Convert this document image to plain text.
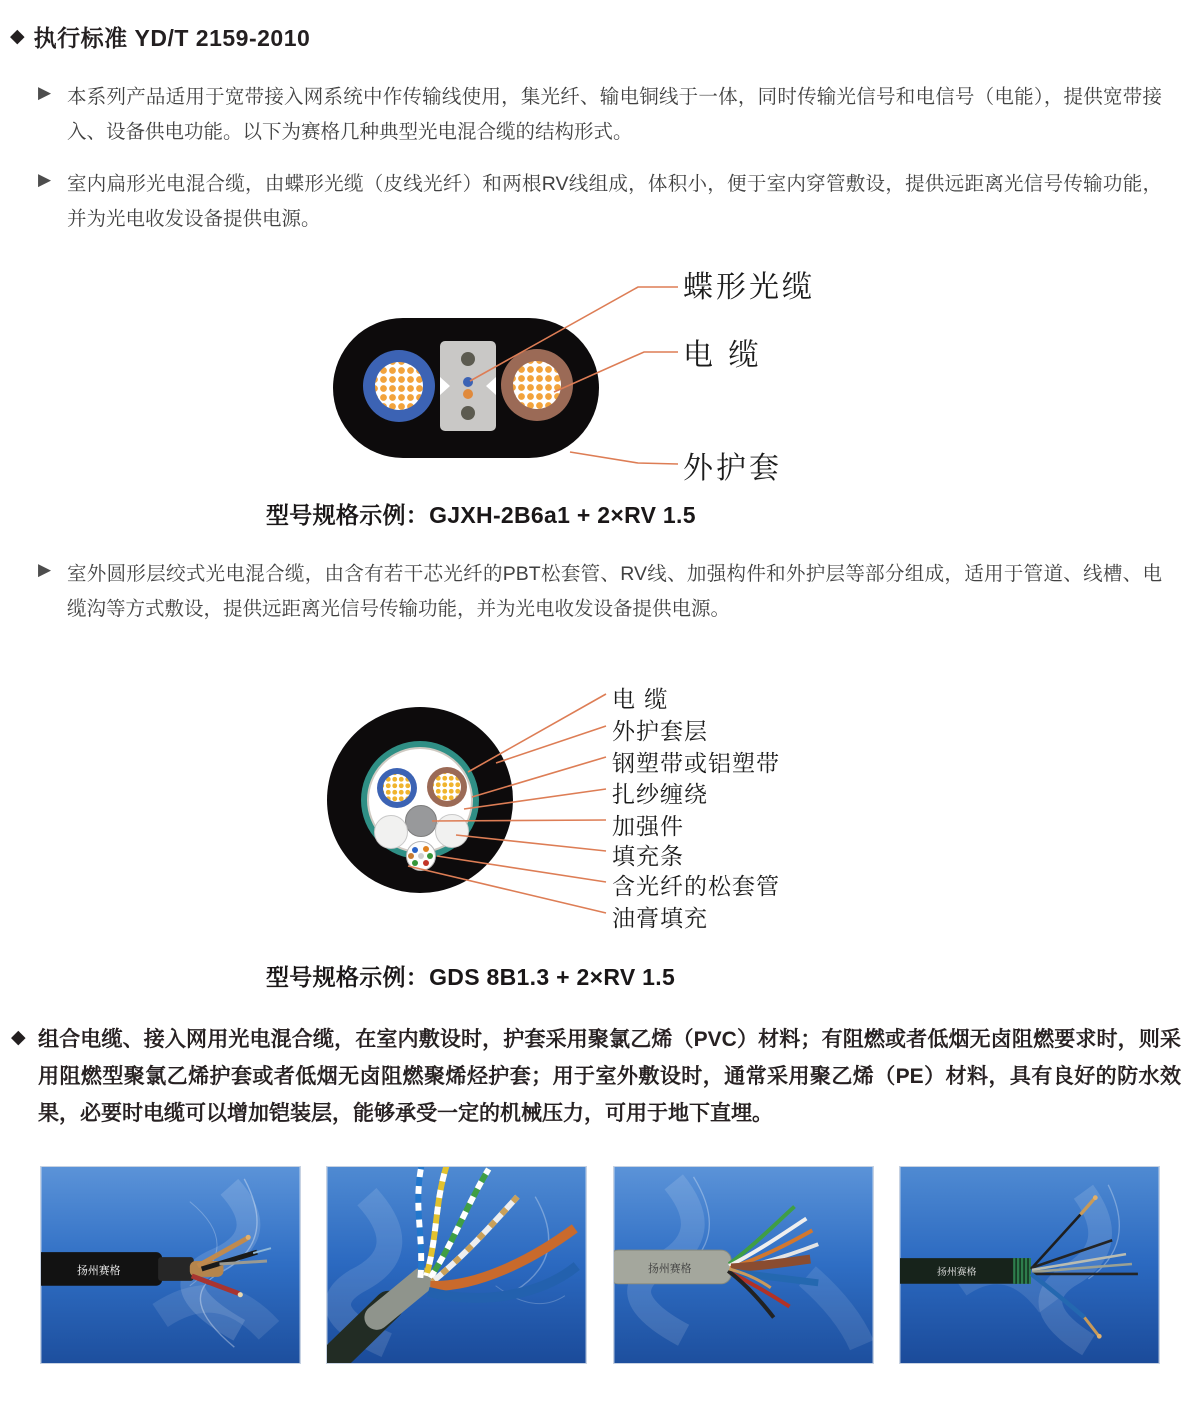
◆ 执行标准 YD/T 2159-2010
▶ 本系列产品适用于宽带接入网系统中作传输线使用，集光纤、输电铜线于一体，同时传输光信号和电信号（电能），提供宽带接入、设备供电功能。以下为赛格几种典型光电混合缆的结构形式。
▶ 室内扁形光电混合缆，由蝶形光缆（皮线光纤）和两根RV线组成，体积小，便于室内穿管敷设，提供远距离光信号传输功能，并为光电收发设备提供电源。
▶ 室外圆形层绞式光电混合缆，由含有若干芯光纤的PBT松套管、RV线、加强构件和外护层等部分组成，适用于管道、线槽、电缆沟等方式敷设，提供远距离光信号传输功能，并为光电收发设备提供电源。
蝶形光缆
电 缆
外护套
型号规格示例：GJXH-2B6a1 + 2×RV 1.5
电 缆
外护套层
钢塑带或铝塑带
扎纱缠绕
加强件
填充条
含光纤的松套管
油膏填充
型号规格示例：GDS 8B1.3 + 2×RV 1.5
◆ 组合电缆、接入网用光电混合缆，在室内敷设时，护套采用聚氯乙烯（PVC）材料；有阻燃或者低烟无卤阻燃要求时，则采用阻燃型聚氯乙烯护套或者低烟无卤阻燃聚烯烃护套；用于室外敷设时，通常采用聚乙烯（PE）材料，具有良好的防水效果，必要时电缆可以增加铠装层，能够承受一定的机械压力，可用于地下直埋。
扬州赛格	扬州赛格	扬州赛格
